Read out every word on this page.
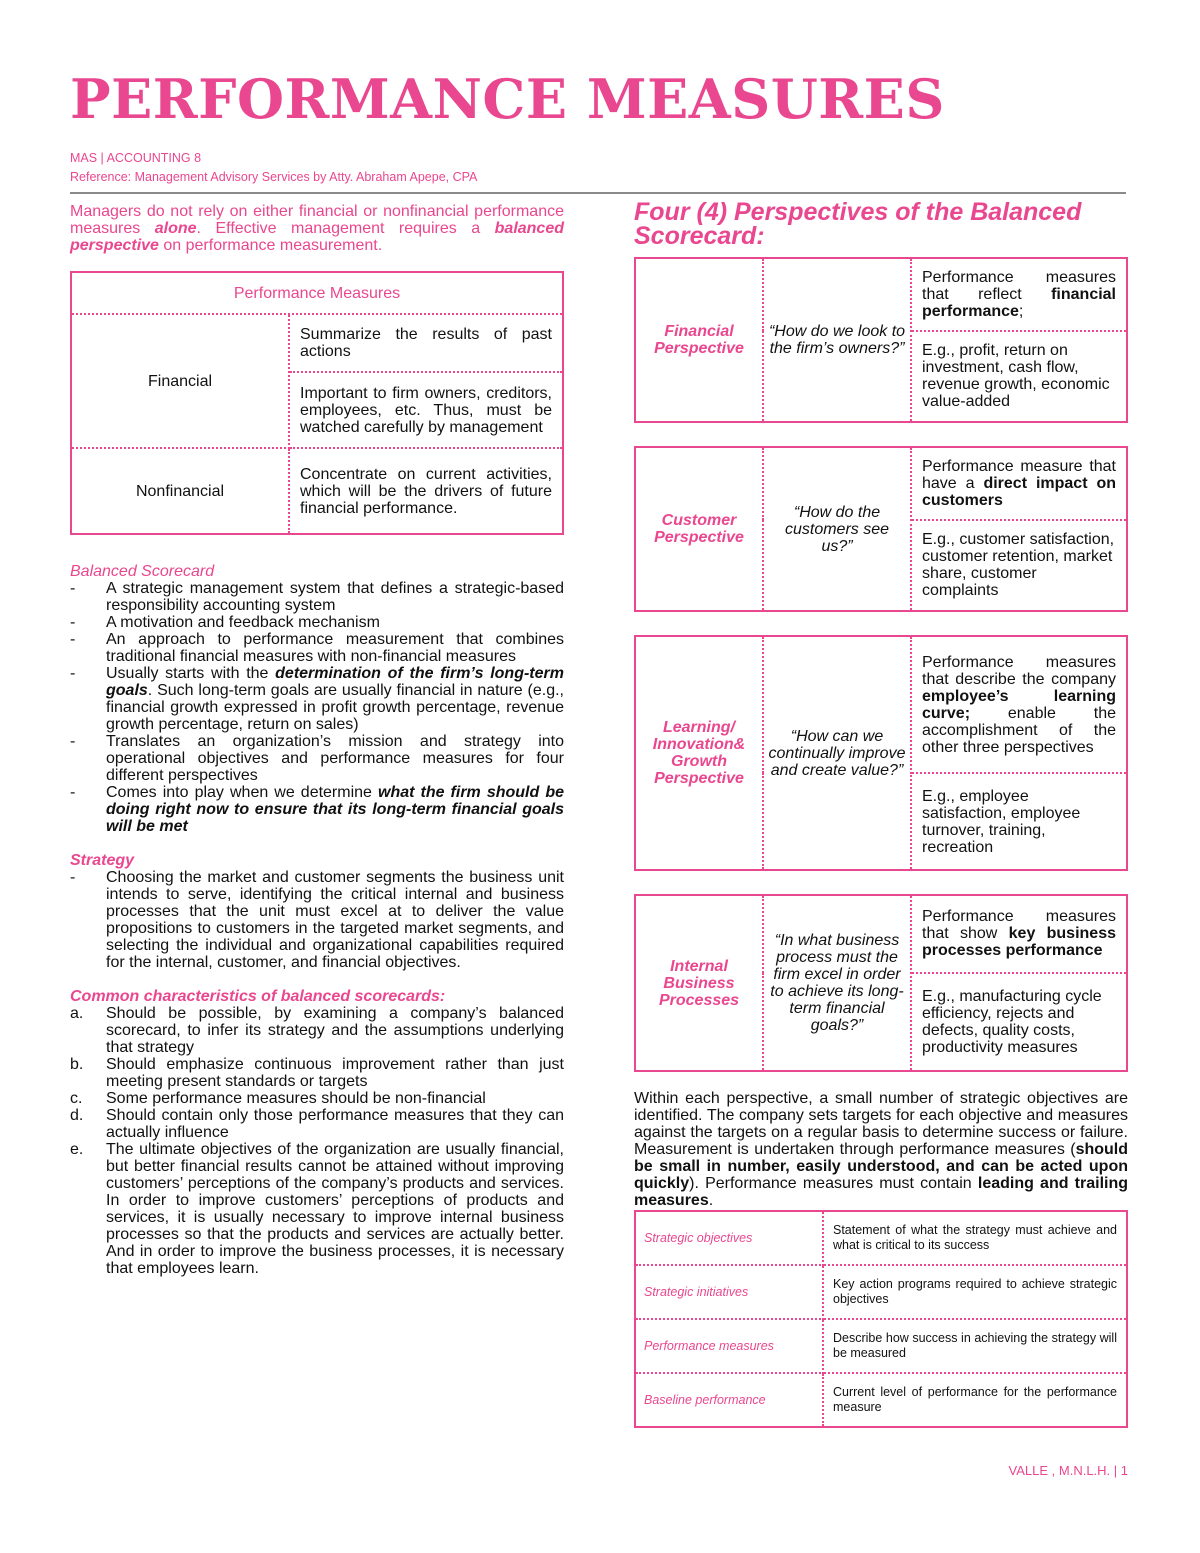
PERFORMANCE MEASURES
MAS | ACCOUNTING 8
Reference: Management Advisory Services by Atty. Abraham Apepe, CPA

Managers do not rely on either financial or nonfinancial performance measures alone. Effective management requires a balanced perspective on performance measurement.

Performance Measures	
Financial	Summarize the results of past actions
	Important to firm owners, creditors, employees, etc. Thus, must be watched carefully by management
Nonfinancial	Concentrate on current activities, which will be the drivers of future financial performance.
Balanced Scorecard
- A strategic management system that defines a strategic-based responsibility accounting system
- A motivation and feedback mechanism
- An approach to performance measurement that combines traditional financial measures with non-financial measures
- Usually starts with the determination of the firm’s long-term goals. Such long-term goals are usually financial in nature (e.g., financial growth expressed in profit growth percentage, revenue growth percentage, return on sales)
- Translates an organization’s mission and strategy into operational objectives and performance measures for four different perspectives
- Comes into play when we determine what the firm should be doing right now to ensure that its long-term financial goals will be met
Strategy
- Choosing the market and customer segments the business unit intends to serve, identifying the critical internal and business processes that the unit must excel at to deliver the value propositions to customers in the targeted market segments, and selecting the individual and organizational capabilities required for the internal, customer, and financial objectives.
Common characteristics of balanced scorecards:
a. Should be possible, by examining a company’s balanced scorecard, to infer its strategy and the assumptions underlying that strategy
b. Should emphasize continuous improvement rather than just meeting present standards or targets
c. Some performance measures should be non-financial
d. Should contain only those performance measures that they can actually influence
e. The ultimate objectives of the organization are usually financial, but better financial results cannot be attained without improving customers’ perceptions of the company’s products and services. In order to improve customers’ perceptions of products and services, it is usually necessary to improve internal business processes so that the products and services are actually better. And in order to improve the business processes, it is necessary that employees learn.
Four (4) Perspectives of the Balanced Scorecard:
Financial Perspective	“How do we look to the firm’s owners?”	Performance measures that reflect financial performance;
E.g., profit, return on investment, cash flow, revenue growth, economic value-added
Customer Perspective	“How do the customers see us?”	Performance measure that have a direct impact on customers
E.g., customer satisfaction, customer retention, market share, customer complaints
Learning/ Innovation& Growth Perspective	“How can we continually improve and create value?”	Performance measures that describe the company employee’s learning curve; enable the accomplishment of the other three perspectives
E.g., employee satisfaction, employee turnover, training, recreation
Internal Business Processes	“In what business process must the firm excel in order to achieve its long-term financial goals?”	Performance measures that show key business processes performance
E.g., manufacturing cycle efficiency, rejects and defects, quality costs, productivity measures

Within each perspective, a small number of strategic objectives are identified. The company sets targets for each objective and measures against the targets on a regular basis to determine success or failure. Measurement is undertaken through performance measures (should be small in number, easily understood, and can be acted upon quickly). Performance measures must contain leading and trailing measures.

Strategic objectives	Statement of what the strategy must achieve and what is critical to its success
Strategic initiatives	Key action programs required to achieve strategic objectives
Performance measures	Describe how success in achieving the strategy will be measured
Baseline performance	Current level of performance for the performance measure
VALLE , M.N.L.H. | 1
